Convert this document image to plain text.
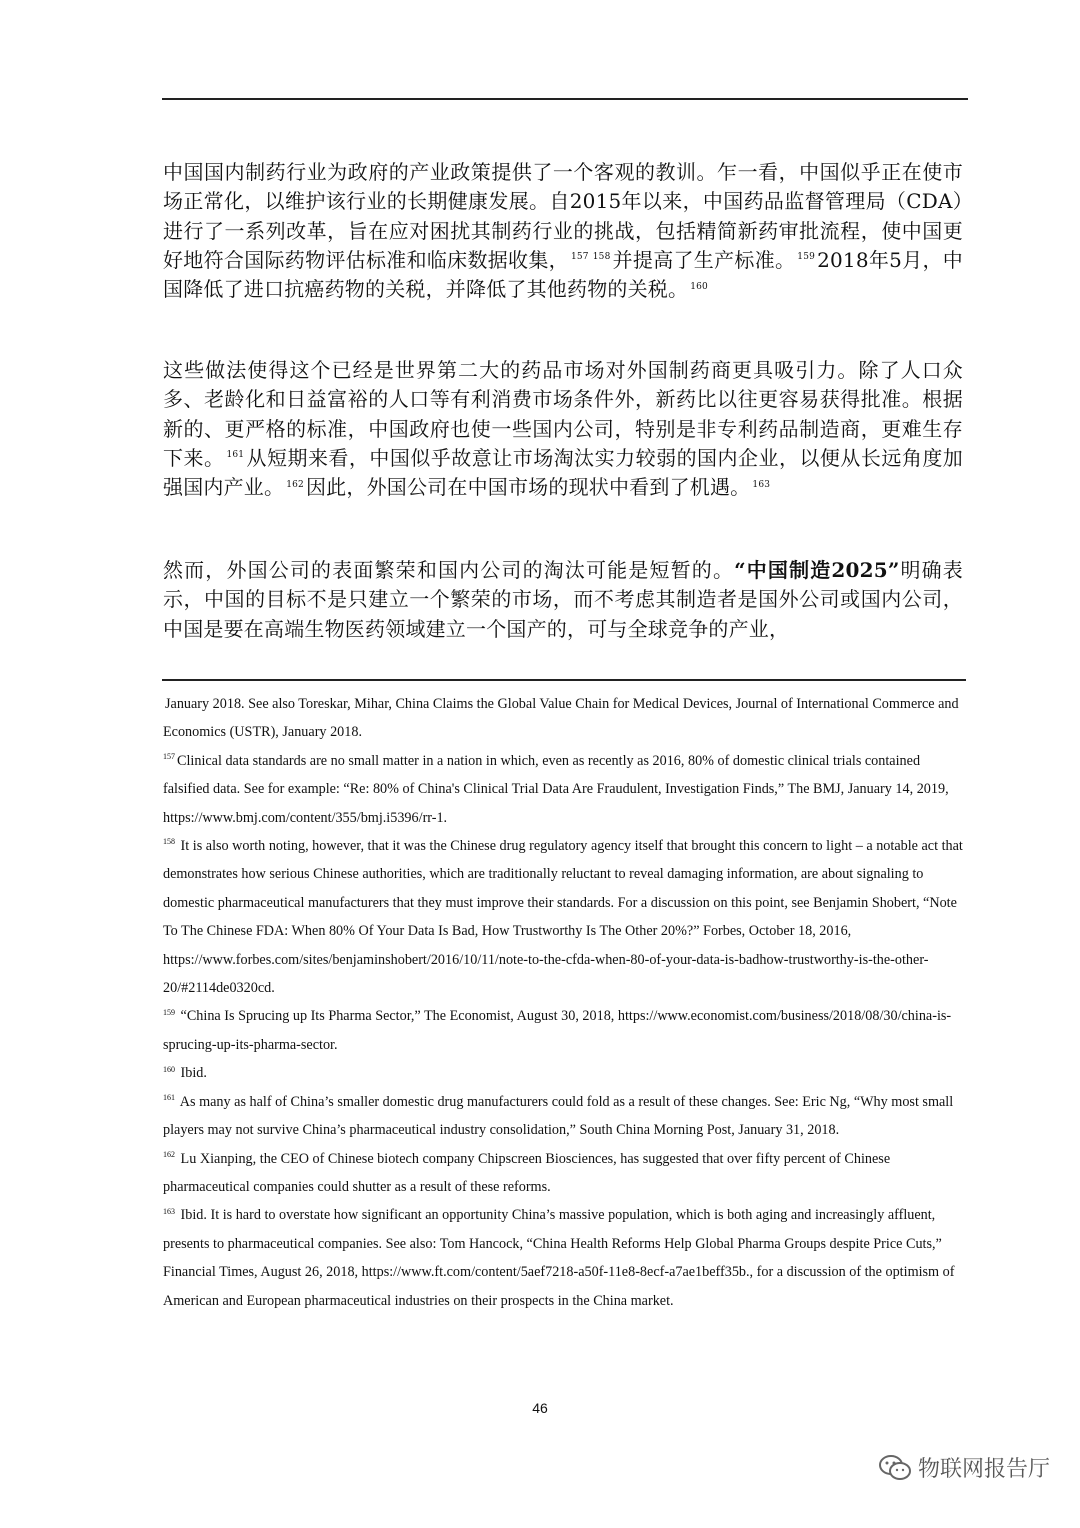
中国国内制药行业为政府的产业政策提供了一个客观的教训。乍一看，中国似乎正在使市场正常化，以维护该行业的长期健康发展。自2015年以来，中国药品监督管理局（CDA）进行了一系列改革，旨在应对困扰其制药行业的挑战，包括精简新药审批流程，使中国更好地符合国际药物评估标准和临床数据收集， $^{157}$ $^{158}$ 并提高了生产标准。 $^{159}$ 2018年5月，中国降低了进口抗癌药物的关税，并降低了其他药物的关税。 $^{160}$

这些做法使得这个已经是世界第二大的药品市场对外国制药商更具吸引力。除了人口众多、老龄化和日益富裕的人口等有利消费市场条件外，新药比以往更容易获得批准。根据新的、更严格的标准，中国政府也使一些国内公司，特别是非专利药品制造商，更难生存下来。 $^{161}$ 从短期来看，中国似乎故意让市场淘汰实力较弱的国内企业，以便从长远角度加强国内产业。 $^{162}$ 因此，外国公司在中国市场的现状中看到了机遇。 $^{163}$

然而，外国公司的表面繁荣和国内公司的淘汰可能是短暂的。“中国制造2025”明确表示，中国的目标不是只建立一个繁荣的市场，而不考虑其制造者是国外公司或国内公司，中国是要在高端生物医药领域建立一个国产的，可与全球竞争的产业，

January 2018. See also Toreskar, Mihar, China Claims the Global Value Chain for Medical Devices, Journal of International Commerce and Economics (USTR), January 2018.

$^{157}$ Clinical data standards are no small matter in a nation in which, even as recently as 2016, 80% of domestic clinical trials contained falsified data. See for example: “Re: 80% of China's Clinical Trial Data Are Fraudulent, Investigation Finds,” The BMJ, January 14, 2019, https://www.bmj.com/content/355/bmj.i5396/rr-1.

$^{158}$ It is also worth noting, however, that it was the Chinese drug regulatory agency itself that brought this concern to light – a notable act that demonstrates how serious Chinese authorities, which are traditionally reluctant to reveal damaging information, are about signaling to domestic pharmaceutical manufacturers that they must improve their standards. For a discussion on this point, see Benjamin Shobert, “Note To The Chinese FDA: When 80% Of Your Data Is Bad, How Trustworthy Is The Other 20%?” Forbes, October 18, 2016, https://www.forbes.com/sites/benjaminshobert/2016/10/11/note-to-the-cfda-when-80-of-your-data-is-badhow-trustworthy-is-the-other-20/#2114de0320cd.

$^{159}$ “China Is Sprucing up Its Pharma Sector,” The Economist, August 30, 2018, https://www.economist.com/business/2018/08/30/china-is-sprucing-up-its-pharma-sector.

$^{160}$ Ibid.

$^{161}$ As many as half of China’s smaller domestic drug manufacturers could fold as a result of these changes. See: Eric Ng, “Why most small players may not survive China’s pharmaceutical industry consolidation,” South China Morning Post, January 31, 2018.

$^{162}$ Lu Xianping, the CEO of Chinese biotech company Chipscreen Biosciences, has suggested that over fifty percent of Chinese pharmaceutical companies could shutter as a result of these reforms.

$^{163}$ Ibid. It is hard to overstate how significant an opportunity China’s massive population, which is both aging and increasingly affluent, presents to pharmaceutical companies. See also: Tom Hancock, “China Health Reforms Help Global Pharma Groups despite Price Cuts,” Financial Times, August 26, 2018, https://www.ft.com/content/5aef7218-a50f-11e8-8ecf-a7ae1beff35b., for a discussion of the optimism of American and European pharmaceutical industries on their prospects in the China market.

46
物联网报告厅
